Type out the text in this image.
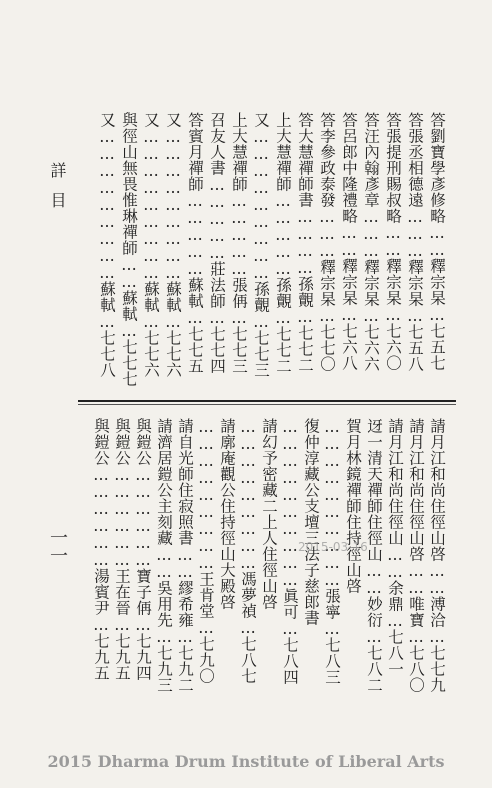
詳目	答劉寶學彥修略……釋宗杲…七五七
答張丞相德遠………釋宗杲…七五八
答張提刑賜叔略……釋宗杲…七六〇
答汪內翰彥章………釋宗杲…七六六
答呂郎中隆禮略……釋宗杲…七六八
答李參政泰發………釋宗杲…七七〇
答大慧禪師書…………孫覿…七七二
上大慧禪師……………孫覿…七七二
又………………………孫覿…七七三
上大慧禪師……………張侢…七七三
召友人書……………莊法師…七七四
答賓月禪師……………蘇軾…七七五
又………………………蘇軾…七七六
又………………………蘇軾…七七六
與徑山無畏惟琳禪師……蘇軾…七七七
又………………………蘇軾…七七八
請月江和尚住徑山啓……溥洽…七七九
請月江和尚住徑山啓……唯寶…七八〇
請月江和尚住徑山……余鼎…七八一
迓一清天禪師住徑山……妙衍…七八二
賀月林鏡禪師住持徑山啓
…………………………張寧…七八三
復仲淳藏公支壇三法子慈郎書
…………………………眞可…七八四
請幻予密藏二上人住徑山啓
………………………馮夢禎…七八七
請廓庵觀公住持徑山大殿啓
………………………王肯堂…七九〇
請自光師住寂照書……繆希雍…七九二
請濟居鎧公主刻藏……吳用先…七九三
與鎧公………………寶子侢…七九四
與鎧公………………王在晉…七九五
與鎧公………………湯賓尹…七九五
一一	2015-03-16
2015 Dharma Drum Institute of Liberal Arts
